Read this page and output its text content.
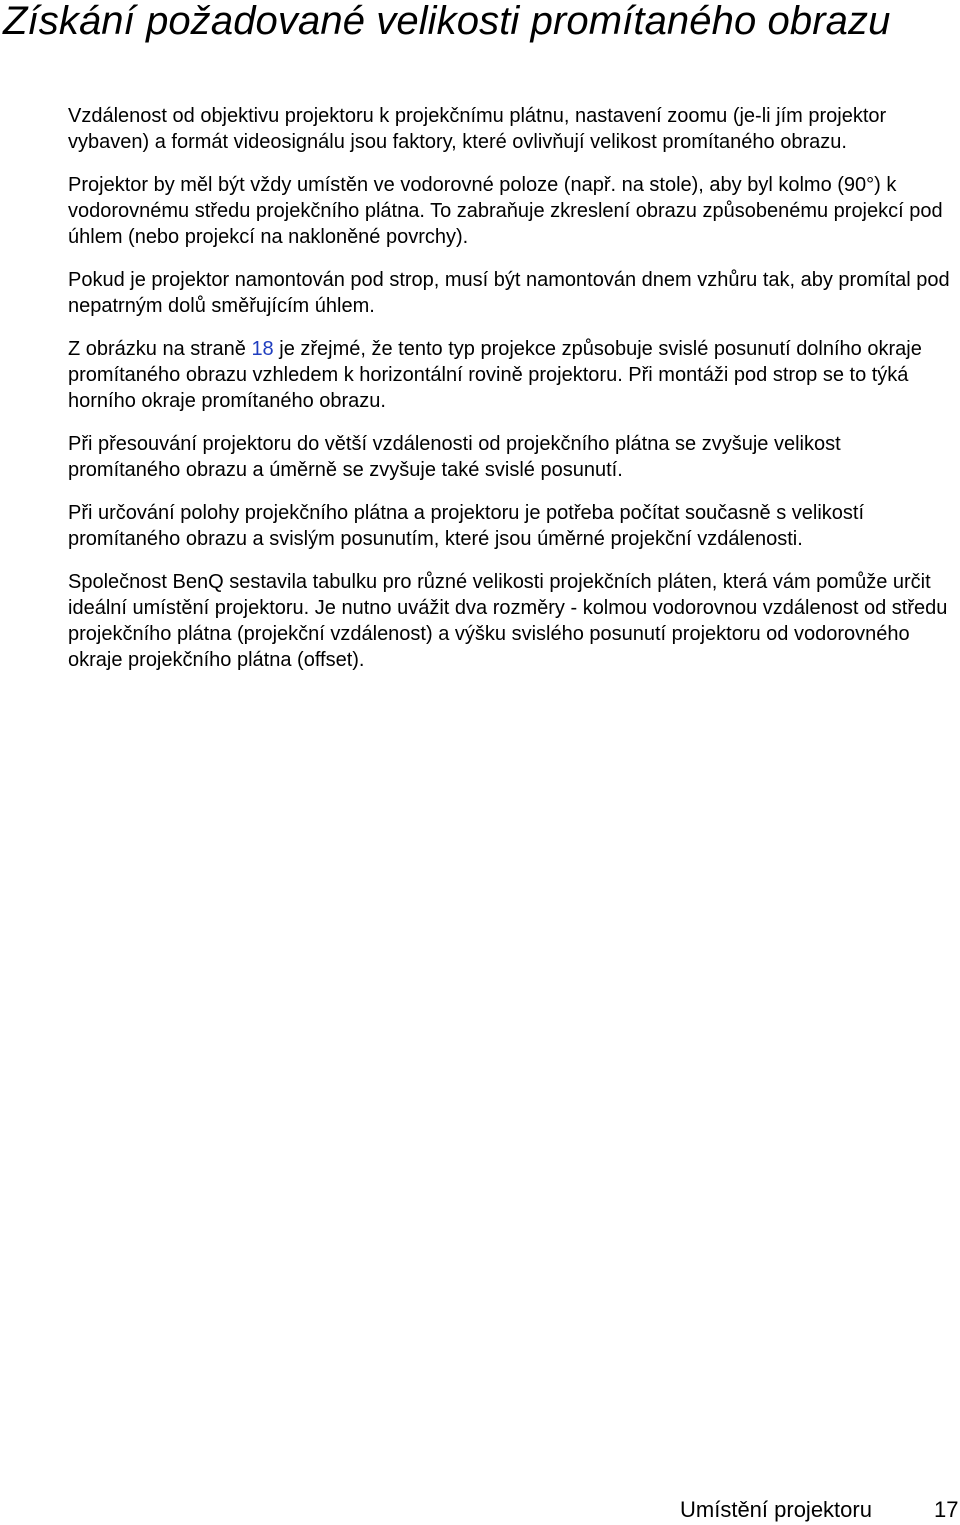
Získání požadované velikosti promítaného obrazu

Vzdálenost od objektivu projektoru k projekčnímu plátnu, nastavení zoomu (je-li jím projektor vybaven) a formát videosignálu jsou faktory, které ovlivňují velikost promítaného obrazu.

Projektor by měl být vždy umístěn ve vodorovné poloze (např. na stole), aby byl kolmo (90°) k vodorovnému středu projekčního plátna. To zabraňuje zkreslení obrazu způsobenému projekcí pod úhlem (nebo projekcí na nakloněné povrchy).

Pokud je projektor namontován pod strop, musí být namontován dnem vzhůru tak, aby promítal pod nepatrným dolů směřujícím úhlem.

Z obrázku na straně 18 je zřejmé, že tento typ projekce způsobuje svislé posunutí dolního okraje promítaného obrazu vzhledem k horizontální rovině projektoru. Při montáži pod strop se to týká horního okraje promítaného obrazu.

Při přesouvání projektoru do větší vzdálenosti od projekčního plátna se zvyšuje velikost promítaného obrazu a úměrně se zvyšuje také svislé posunutí.

Při určování polohy projekčního plátna a projektoru je potřeba počítat současně s velikostí promítaného obrazu a svislým posunutím, které jsou úměrné projekční vzdálenosti.

Společnost BenQ sestavila tabulku pro různé velikosti projekčních pláten, která vám pomůže určit ideální umístění projektoru. Je nutno uvážit dva rozměry - kolmou vodorovnou vzdálenost od středu projekčního plátna (projekční vzdálenost) a výšku svislého posunutí projektoru od vodorovného okraje projekčního plátna (offset).

Umístění projektoru	17
